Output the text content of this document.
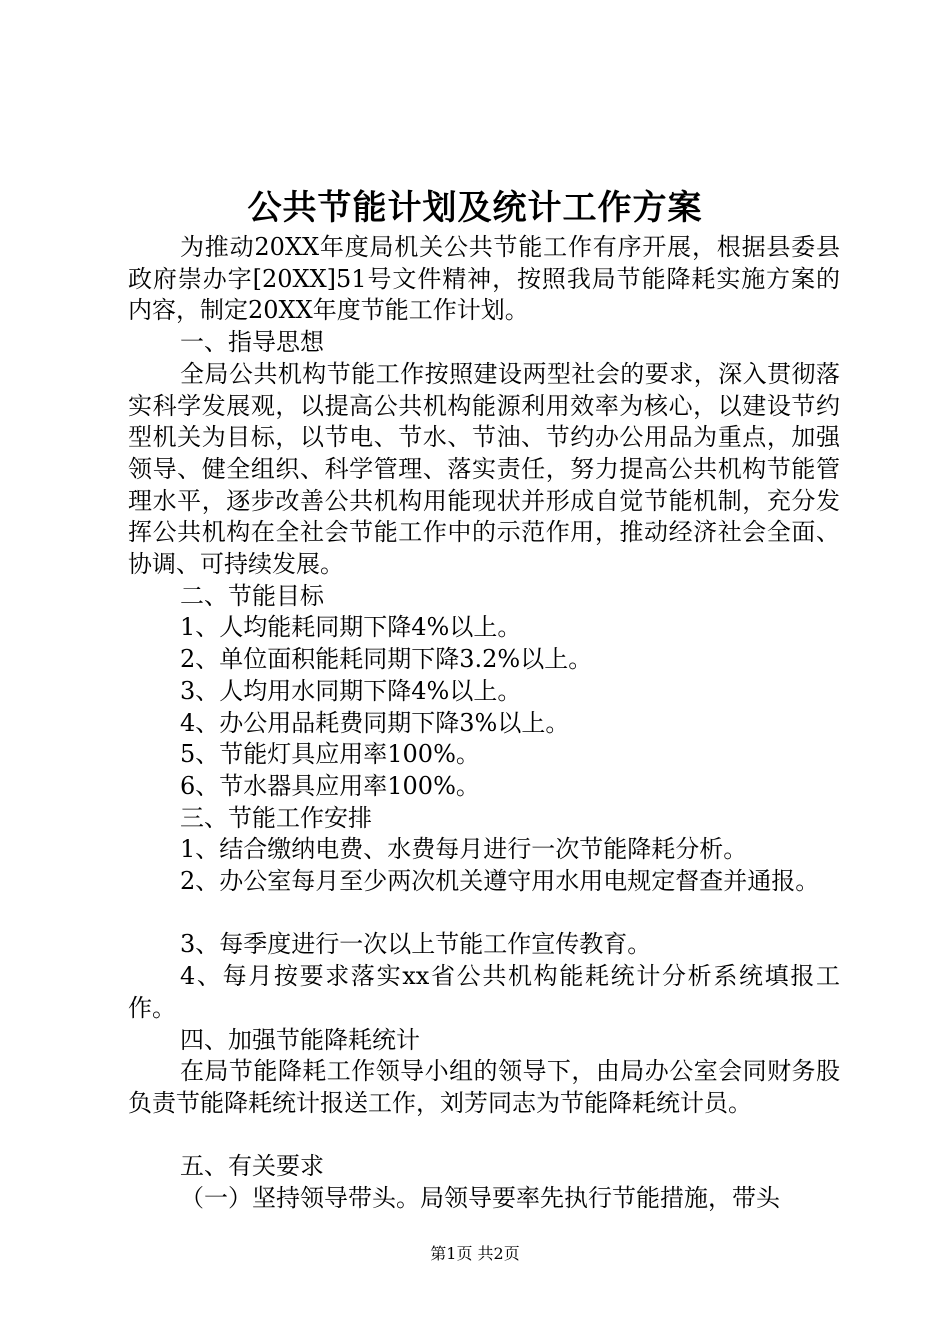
公共节能计划及统计工作方案

为推动20XX年度局机关公共节能工作有序开展，根据县委县政府崇办字[20XX]51号文件精神，按照我局节能降耗实施方案的内容，制定20XX年度节能工作计划。

一、指导思想

全局公共机构节能工作按照建设两型社会的要求，深入贯彻落实科学发展观，以提高公共机构能源利用效率为核心，以建设节约型机关为目标，以节电、节水、节油、节约办公用品为重点，加强领导、健全组织、科学管理、落实责任，努力提高公共机构节能管理水平，逐步改善公共机构用能现状并形成自觉节能机制，充分发挥公共机构在全社会节能工作中的示范作用，推动经济社会全面、协调、可持续发展。

二、节能目标

1、人均能耗同期下降4%以上。

2、单位面积能耗同期下降3.2%以上。

3、人均用水同期下降4%以上。

4、办公用品耗费同期下降3%以上。

5、节能灯具应用率100%。

6、节水器具应用率100%。

三、节能工作安排

1、结合缴纳电费、水费每月进行一次节能降耗分析。

2、办公室每月至少两次机关遵守用水用电规定督查并通报。

3、每季度进行一次以上节能工作宣传教育。

4、每月按要求落实xx省公共机构能耗统计分析系统填报工作。

四、加强节能降耗统计

在局节能降耗工作领导小组的领导下，由局办公室会同财务股负责节能降耗统计报送工作，刘芳同志为节能降耗统计员。

五、有关要求

（一）坚持领导带头。局领导要率先执行节能措施，带头

第1页 共2页
